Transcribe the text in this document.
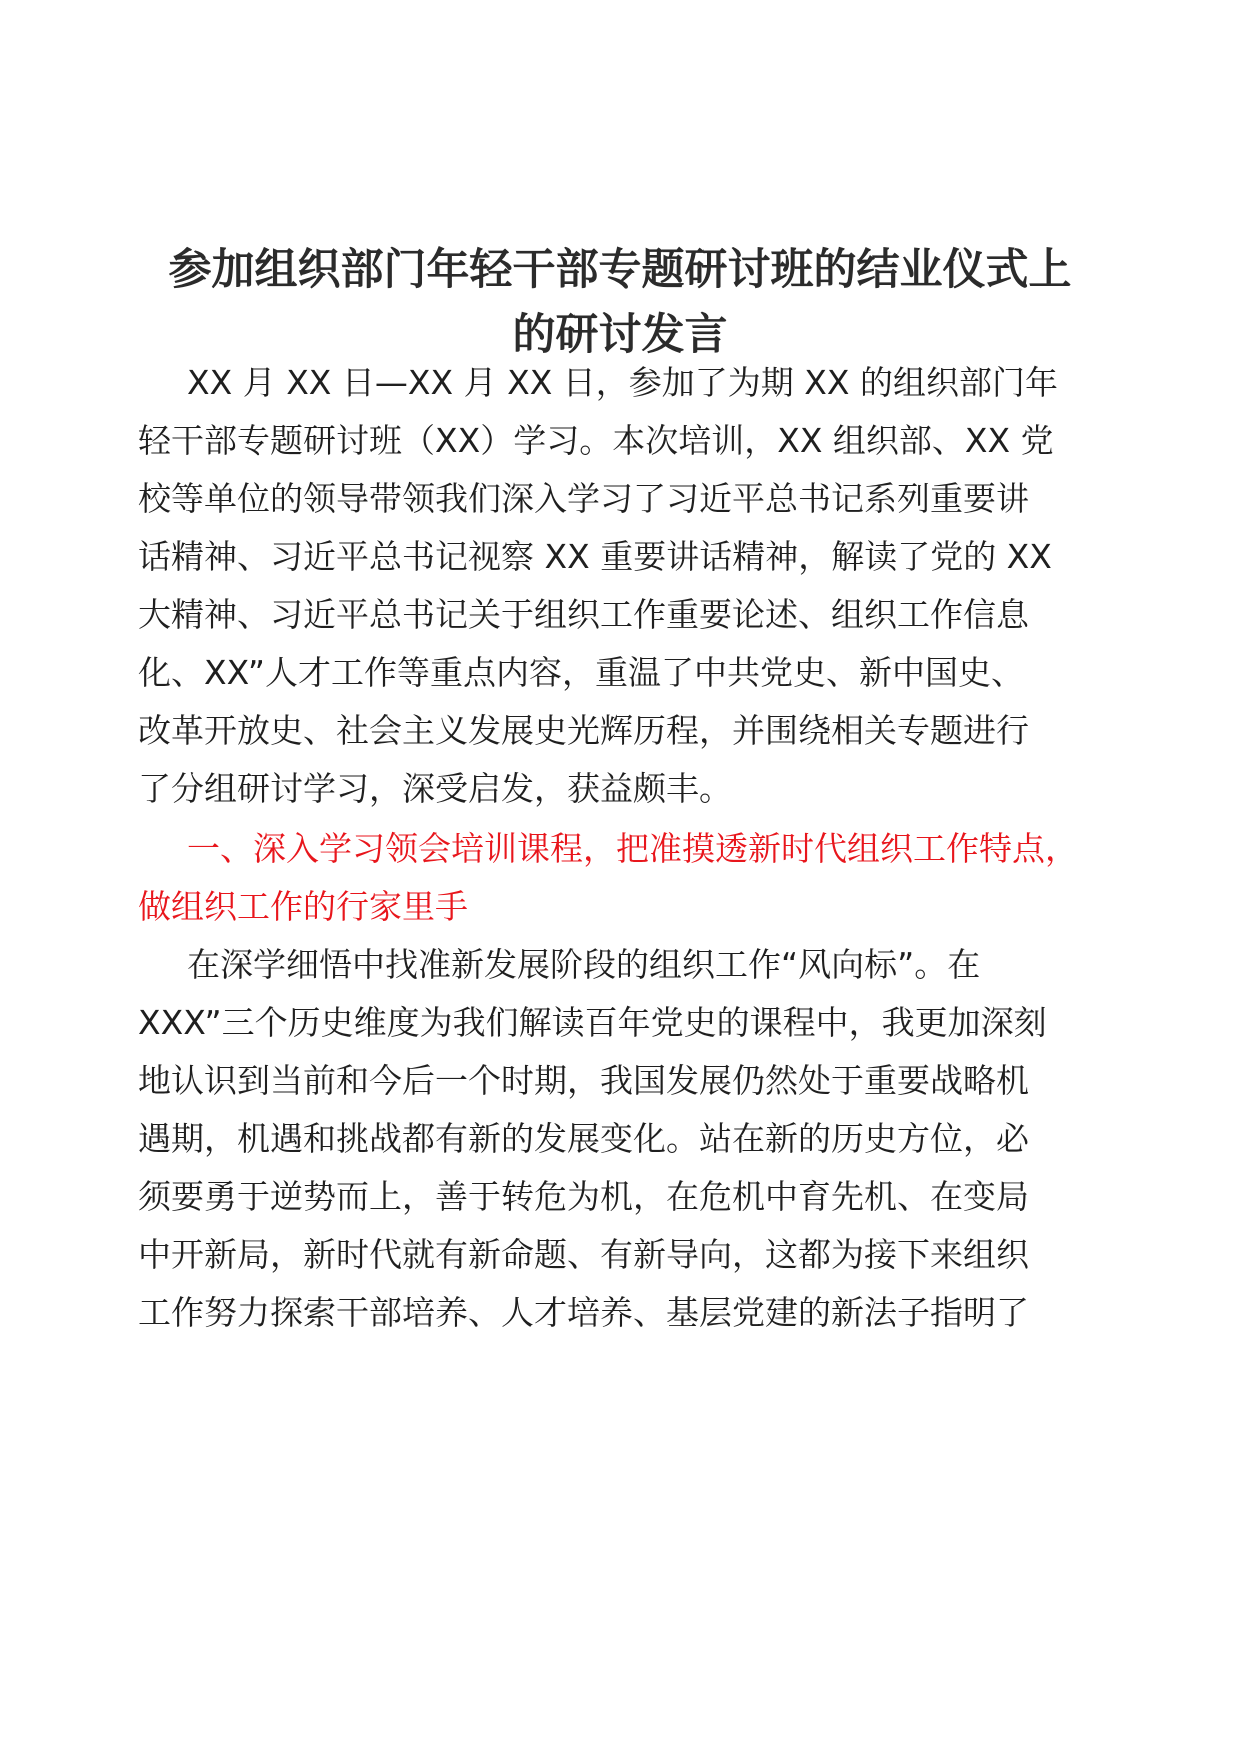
参加组织部门年轻干部专题研讨班的结业仪式上的研讨发言

XX 月 XX 日—XX 月 XX 日，参加了为期 XX 的组织部门年

轻干部专题研讨班（XX）学习。本次培训，XX 组织部、XX 党

校等单位的领导带领我们深入学习了习近平总书记系列重要讲

话精神、习近平总书记视察 XX 重要讲话精神，解读了党的 XX

大精神、习近平总书记关于组织工作重要论述、组织工作信息

化、XX”人才工作等重点内容，重温了中共党史、新中国史、

改革开放史、社会主义发展史光辉历程，并围绕相关专题进行

了分组研讨学习，深受启发，获益颇丰。

一、深入学习领会培训课程，把准摸透新时代组织工作特点，

做组织工作的行家里手

在深学细悟中找准新发展阶段的组织工作“风向标”。在

XXX”三个历史维度为我们解读百年党史的课程中，我更加深刻

地认识到当前和今后一个时期，我国发展仍然处于重要战略机

遇期，机遇和挑战都有新的发展变化。站在新的历史方位，必

须要勇于逆势而上，善于转危为机，在危机中育先机、在变局

中开新局，新时代就有新命题、有新导向，这都为接下来组织

工作努力探索干部培养、人才培养、基层党建的新法子指明了
